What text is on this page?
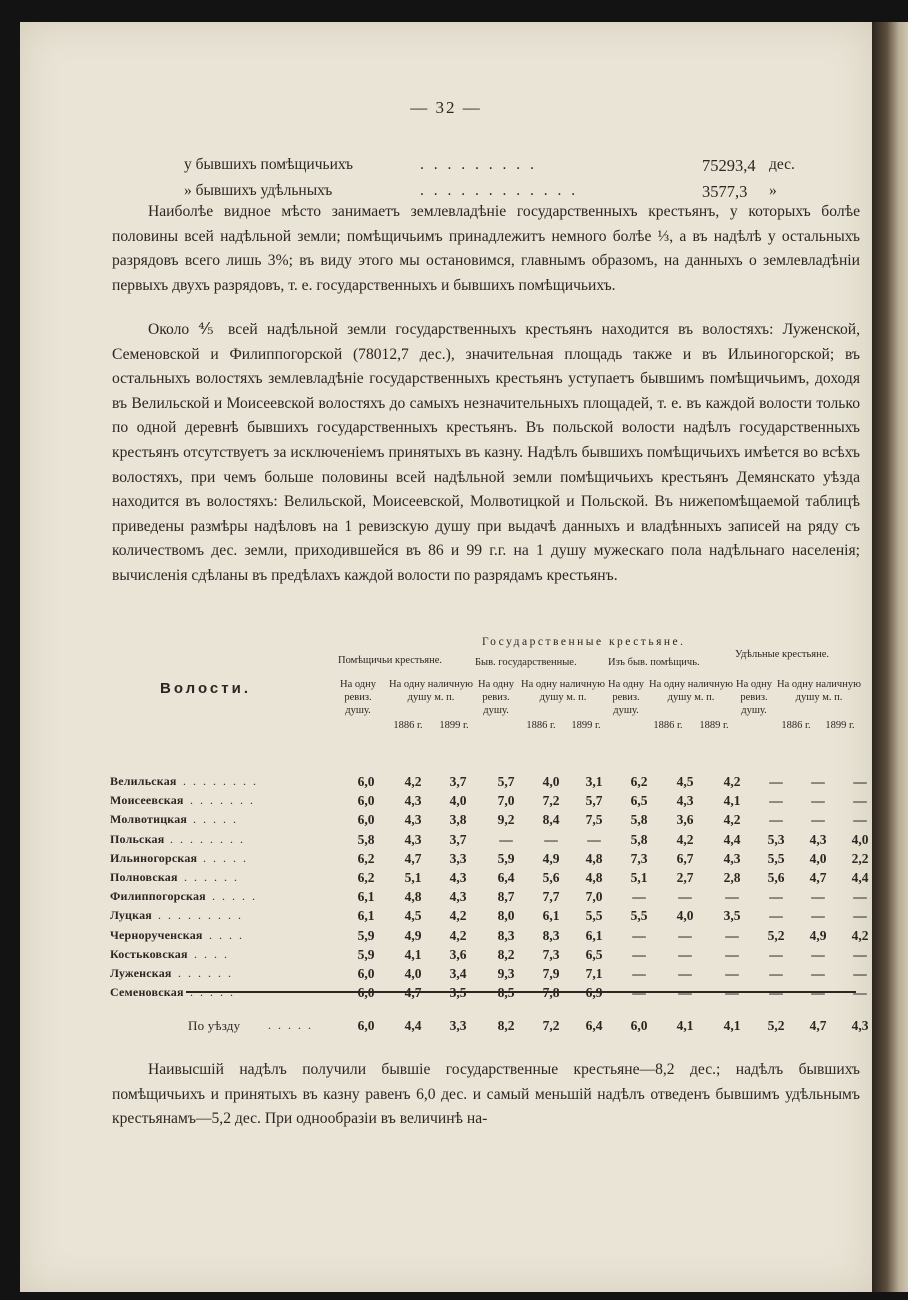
— 32 —
у бывшихъ помѣщичьихъ	. . . . . . . . .	75293,4 дес.
» бывшихъ удѣльныхъ	. . . . . . . . . . . .	3577,3 »

Наиболѣе видное мѣсто занимаетъ землевладѣніе государственныхъ крестьянъ, у которыхъ болѣе половины всей надѣльной земли; помѣщичьимъ принадлежитъ немного болѣе ⅓, а въ надѣлѣ у остальныхъ разрядовъ всего лишь 3%; въ виду этого мы остановимся, главнымъ образомъ, на данныхъ о землевладѣніи первыхъ двухъ разрядовъ, т. е. государственныхъ и бывшихъ помѣщичьихъ.

Около ⅘ всей надѣльной земли государственныхъ крестьянъ находится въ волостяхъ: Луженской, Семеновской и Филиппогорской (78012,7 дес.), значительная площадь также и въ Ильиногорской; въ остальныхъ волостяхъ землевладѣніе государственныхъ крестьянъ уступаетъ бывшимъ помѣщичьимъ, доходя въ Велильской и Моисеевской волостяхъ до самыхъ незначительныхъ площадей, т. е. въ каждой волости только по одной деревнѣ бывшихъ государственныхъ крестьянъ. Въ польской волости надѣлъ государственныхъ крестьянъ отсутствуетъ за исключеніемъ принятыхъ въ казну. Надѣлъ бывшихъ помѣщичьихъ имѣется во всѣхъ волостяхъ, при чемъ больше половины всей надѣльной земли помѣщичьихъ крестьянъ Демянскато уѣзда находится въ волостяхъ: Велильской, Моисеевской, Молвотицкой и Польской. Въ нижепомѣщаемой таблицѣ приведены размѣры надѣловъ на 1 ревизскую душу при выдачѣ данныхъ и владѣнныхъ записей на ряду съ количествомъ дес. земли, приходившейся въ 86 и 99 г.г. на 1 душу мужескаго пола надѣльнаго населенія; вычисленія сдѣланы въ предѣлахъ каждой волости по разрядамъ крестьянъ.

Волости.
Государственные крестьяне.
Помѣщичьи крестьяне.	Быв. государственные.	Изъ быв. помѣщичь.
Удѣльные крестьяне.
На одну ревиз. душу.
На одну наличную душу м. п.
1886 г.	1899 г.
На одну ревиз. душу.
На одну наличную душу м. п.
1886 г.	1899 г.
На одну ревиз. душу.
На одну наличную душу м. п.
1886 г.	1889 г.
На одну ревиз. душу.
На одну наличную душу м. п.
1886 г.	1899 г.
Велильская . . . . . . . .	6,0	4,2	3,7	5,7	4,0	3,1	6,2	4,5	4,2	—	—	—
Моисеевская . . . . . . .	6,0	4,3	4,0	7,0	7,2	5,7	6,5	4,3	4,1	—	—	—
Молвотицкая . . . . .	6,0	4,3	3,8	9,2	8,4	7,5	5,8	3,6	4,2	—	—	—
Польская . . . . . . . .	5,8	4,3	3,7	—	—	—	5,8	4,2	4,4	5,3	4,3	4,0
Ильиногорская . . . . .	6,2	4,7	3,3	5,9	4,9	4,8	7,3	6,7	4,3	5,5	4,0	2,2
Полновская . . . . . .	6,2	5,1	4,3	6,4	5,6	4,8	5,1	2,7	2,8	5,6	4,7	4,4
Филиппогорская . . . . .	6,1	4,8	4,3	8,7	7,7	7,0	—	—	—	—	—	—
Луцкая . . . . . . . . .	6,1	4,5	4,2	8,0	6,1	5,5	5,5	4,0	3,5	—	—	—
Чернорученская . . . .	5,9	4,9	4,2	8,3	8,3	6,1	—	—	—	5,2	4,9	4,2
Костьковская . . . .	5,9	4,1	3,6	8,2	7,3	6,5	—	—	—	—	—	—
Луженская . . . . . .	6,0	4,0	3,4	9,3	7,9	7,1	—	—	—	—	—	—
Семеновская . . . . .	6,0	4,7	3,5	8,5	7,8	6,9	—	—	—	—	—	—
По уѣзду . . . . .	6,0	4,4	3,3	8,2	7,2	6,4	6,0	4,1	4,1	5,2	4,7	4,3

Наивысшій надѣлъ получили бывшіе государственные крестьяне—8,2 дес.; надѣлъ бывшихъ помѣщичьихъ и принятыхъ въ казну равенъ 6,0 дес. и самый меньшій надѣлъ отведенъ бывшимъ удѣльнымъ крестьянамъ—5,2 дес. При однообразіи въ величинѣ на-
